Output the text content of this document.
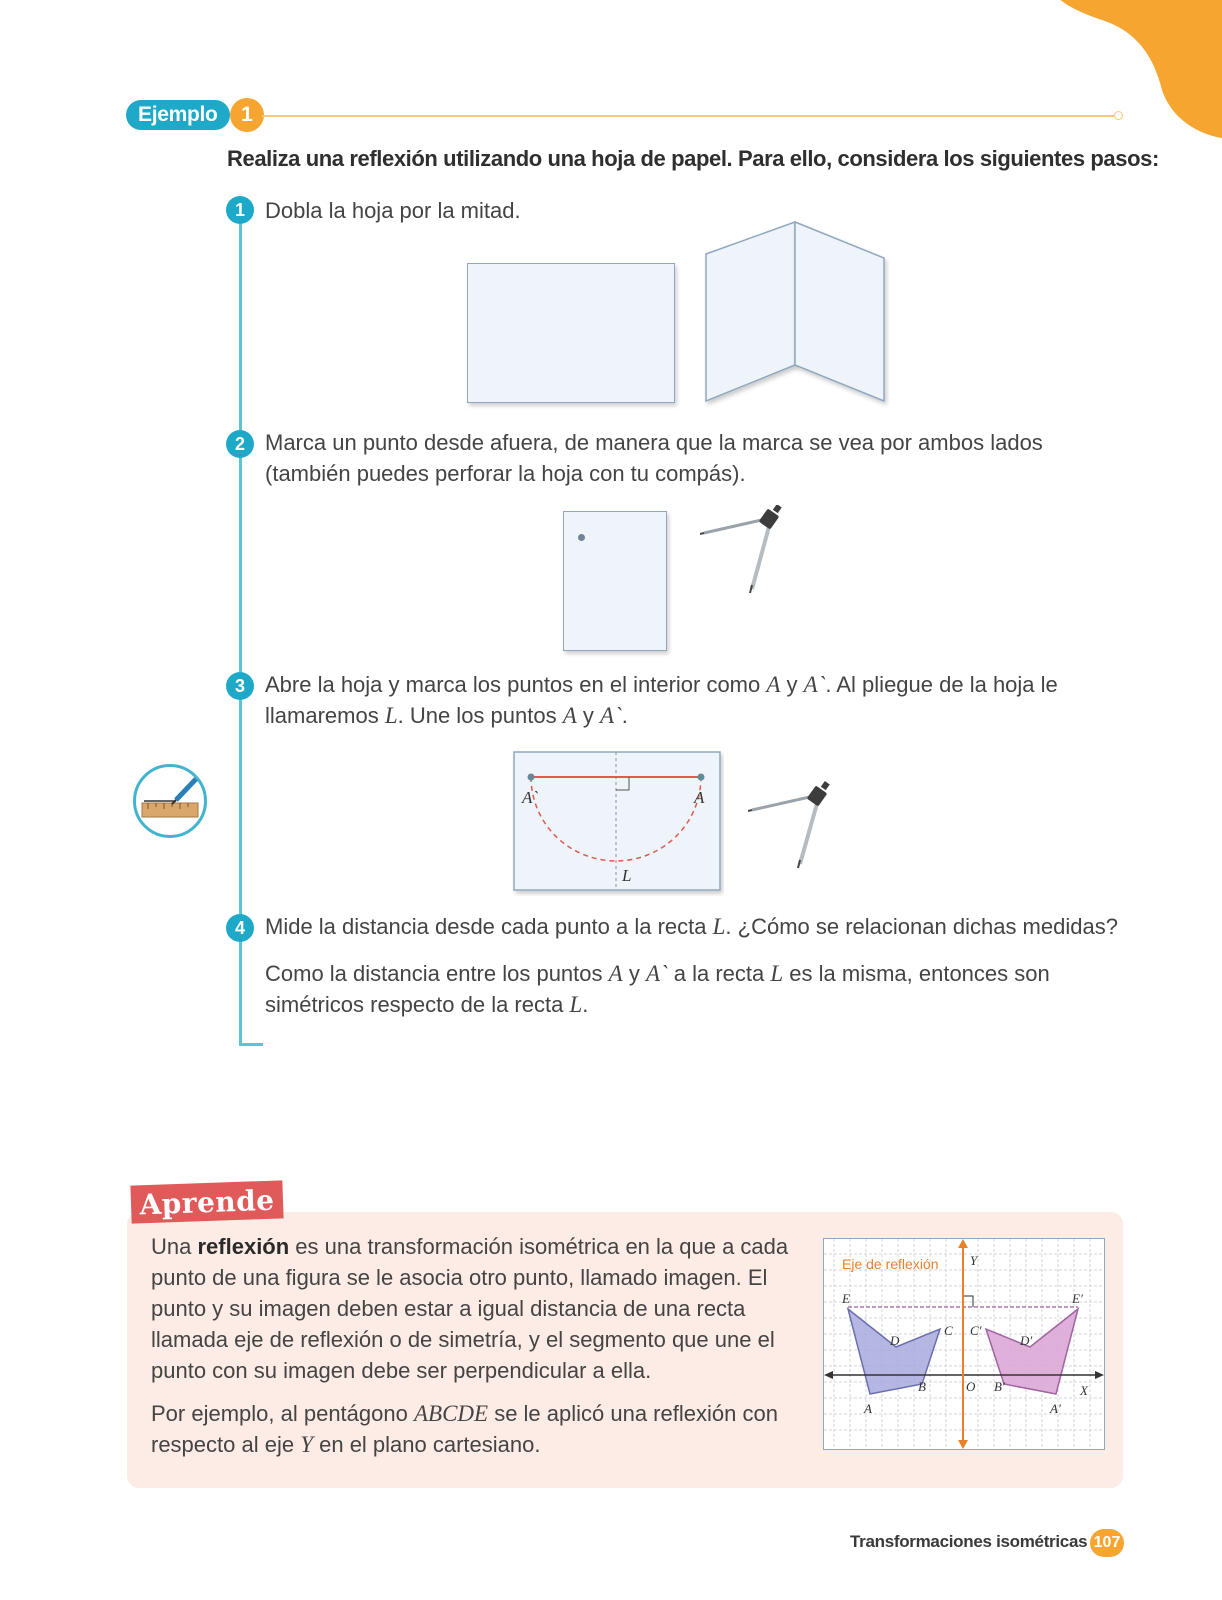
Ejemplo	1
Realiza una reflexión utilizando una hoja de papel. Para ello, considera los siguientes pasos:
1 Dobla la hoja por la mitad.
2 Marca un punto desde afuera, de manera que la marca se vea por ambos lados (también puedes perforar la hoja con tu compás).
3 Abre la hoja y marca los puntos en el interior como A y A`. Al pliegue de la hoja le llamaremos L. Une los puntos A y A`.
A`	A
L
4 Mide la distancia desde cada punto a la recta L. ¿Cómo se relacionan dichas medidas?
Como la distancia entre los puntos A y A` a la recta L es la misma, entonces son simétricos respecto de la recta L.
Aprende

Una reflexión es una transformación isométrica en la que a cada punto de una figura se le asocia otro punto, llamado imagen. El punto y su imagen deben estar a igual distancia de una recta llamada eje de reflexión o de simetría, y el segmento que une el punto con su imagen debe ser perpendicular a ella.

Por ejemplo, al pentágono ABCDE se le aplicó una reflexión con respecto al eje Y en el plano cartesiano.

E
D
C
B
A
E′
D′
C′
B′
A′
Y
X
O
Eje de reflexión
Transformaciones isométricas 107
